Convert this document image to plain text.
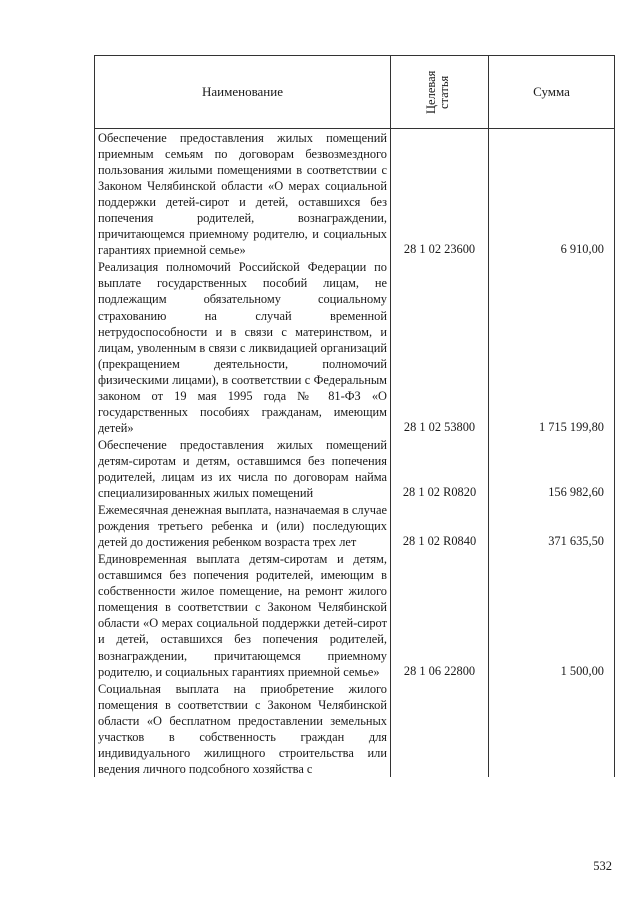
Наименование	Целевая статья	Сумма
Обеспечение предоставления жилых помещений приемным семьям по договорам безвозмездного пользования жилыми помещениями в соответствии с Законом Челябинской области «О мерах социальной поддержки детей-сирот и детей, оставшихся без попечения родителей, вознаграждении, причитающемся приемному родителю, и социальных гарантиях приемной семье»	28 1 02 23600	6 910,00
Реализация полномочий Российской Федерации по выплате государственных пособий лицам, не подлежащим обязательному социальному страхованию на случай временной нетрудоспособности и в связи с материнством, и лицам, уволенным в связи с ликвидацией организаций (прекращением деятельности, полномочий физическими лицами), в соответствии с Федеральным законом от 19 мая 1995 года № 81-ФЗ «О государственных пособиях гражданам, имеющим детей»	28 1 02 53800	1 715 199,80
Обеспечение предоставления жилых помещений детям-сиротам и детям, оставшимся без попечения родителей, лицам из их числа по договорам найма специализированных жилых помещений	28 1 02 R0820	156 982,60
Ежемесячная денежная выплата, назначаемая в случае рождения третьего ребенка и (или) последующих детей до достижения ребенком возраста трех лет	28 1 02 R0840	371 635,50
Единовременная выплата детям-сиротам и детям, оставшимся без попечения родителей, имеющим в собственности жилое помещение, на ремонт жилого помещения в соответствии с Законом Челябинской области «О мерах социальной поддержки детей-сирот и детей, оставшихся без попечения родителей, вознаграждении, причитающемся приемному родителю, и социальных гарантиях приемной семье»	28 1 06 22800	1 500,00
Социальная выплата на приобретение жилого помещения в соответствии с Законом Челябинской области «О бесплатном предоставлении земельных участков в собственность граждан для индивидуального жилищного строительства или ведения личного подсобного хозяйства с		
532
